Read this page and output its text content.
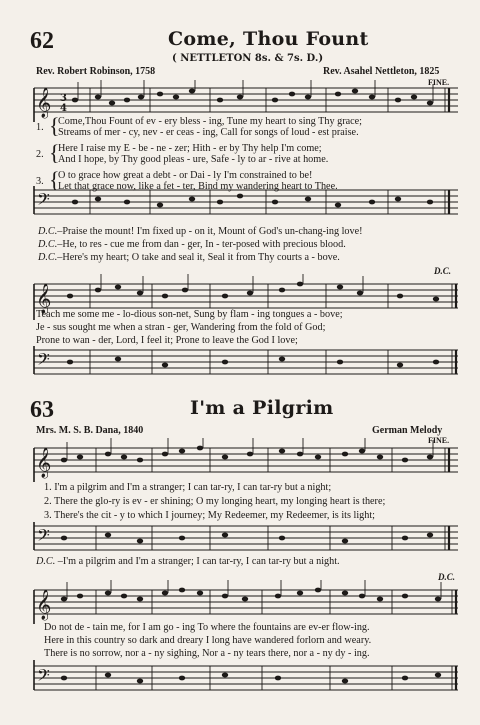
62	Come, Thou Fount
( NETTLETON 8s. & 7s. D.)
Rev. Robert Robinson, 1758	Rev. Asahel Nettleton, 1825
FINE.
𝄞 3
4
1. {
Come,Thou Fount of ev - ery bless - ing, Tune my heart to sing Thy grace;
Streams of mer - cy, nev - er ceas - ing, Call for songs of loud - est praise.
2. {
Here I raise my E - be - ne - zer; Hith - er by Thy help I'm come;
And I hope, by Thy good pleas - ure, Safe - ly to ar - rive at home.
3. {
O to grace how great a debt - or Dai - ly I'm constrained to be!
Let that grace now, like a fet - ter, Bind my wandering heart to Thee.
𝄢
D.C.–Praise the mount! I'm fixed up - on it, Mount of God's un-chang-ing love!
D.C.–He, to res - cue me from dan - ger, In - ter-posed with precious blood.
D.C.–Here's my heart; O take and seal it, Seal it from Thy courts a - bove.
D.C.
𝄞
Teach me some me - lo-dious son-net, Sung by flam - ing tongues a - bove;
Je - sus sought me when a stran - ger, Wandering from the fold of God;
Prone to wan - der, Lord, I feel it; Prone to leave the God I love;
𝄢
63	I'm a Pilgrim
Mrs. M. S. B. Dana, 1840	German Melody
FINE.
𝄞
1. I'm a pilgrim and I'm a stranger; I can tar-ry, I can tar-ry but a night;
2. There the glo-ry is ev - er shining; O my longing heart, my longing heart is there;
3. There's the cit - y to which I journey; My Redeemer, my Redeemer, is its light;
𝄢
D.C. –I'm a pilgrim and I'm a stranger; I can tar-ry, I can tar-ry but a night.
D.C.
𝄞
Do not de - tain me, for I am go - ing To where the fountains are ev-er flow-ing.
Here in this country so dark and dreary I long have wandered forlorn and weary.
There is no sorrow, nor a - ny sighing, Nor a - ny tears there, nor a - ny dy - ing.
𝄢
